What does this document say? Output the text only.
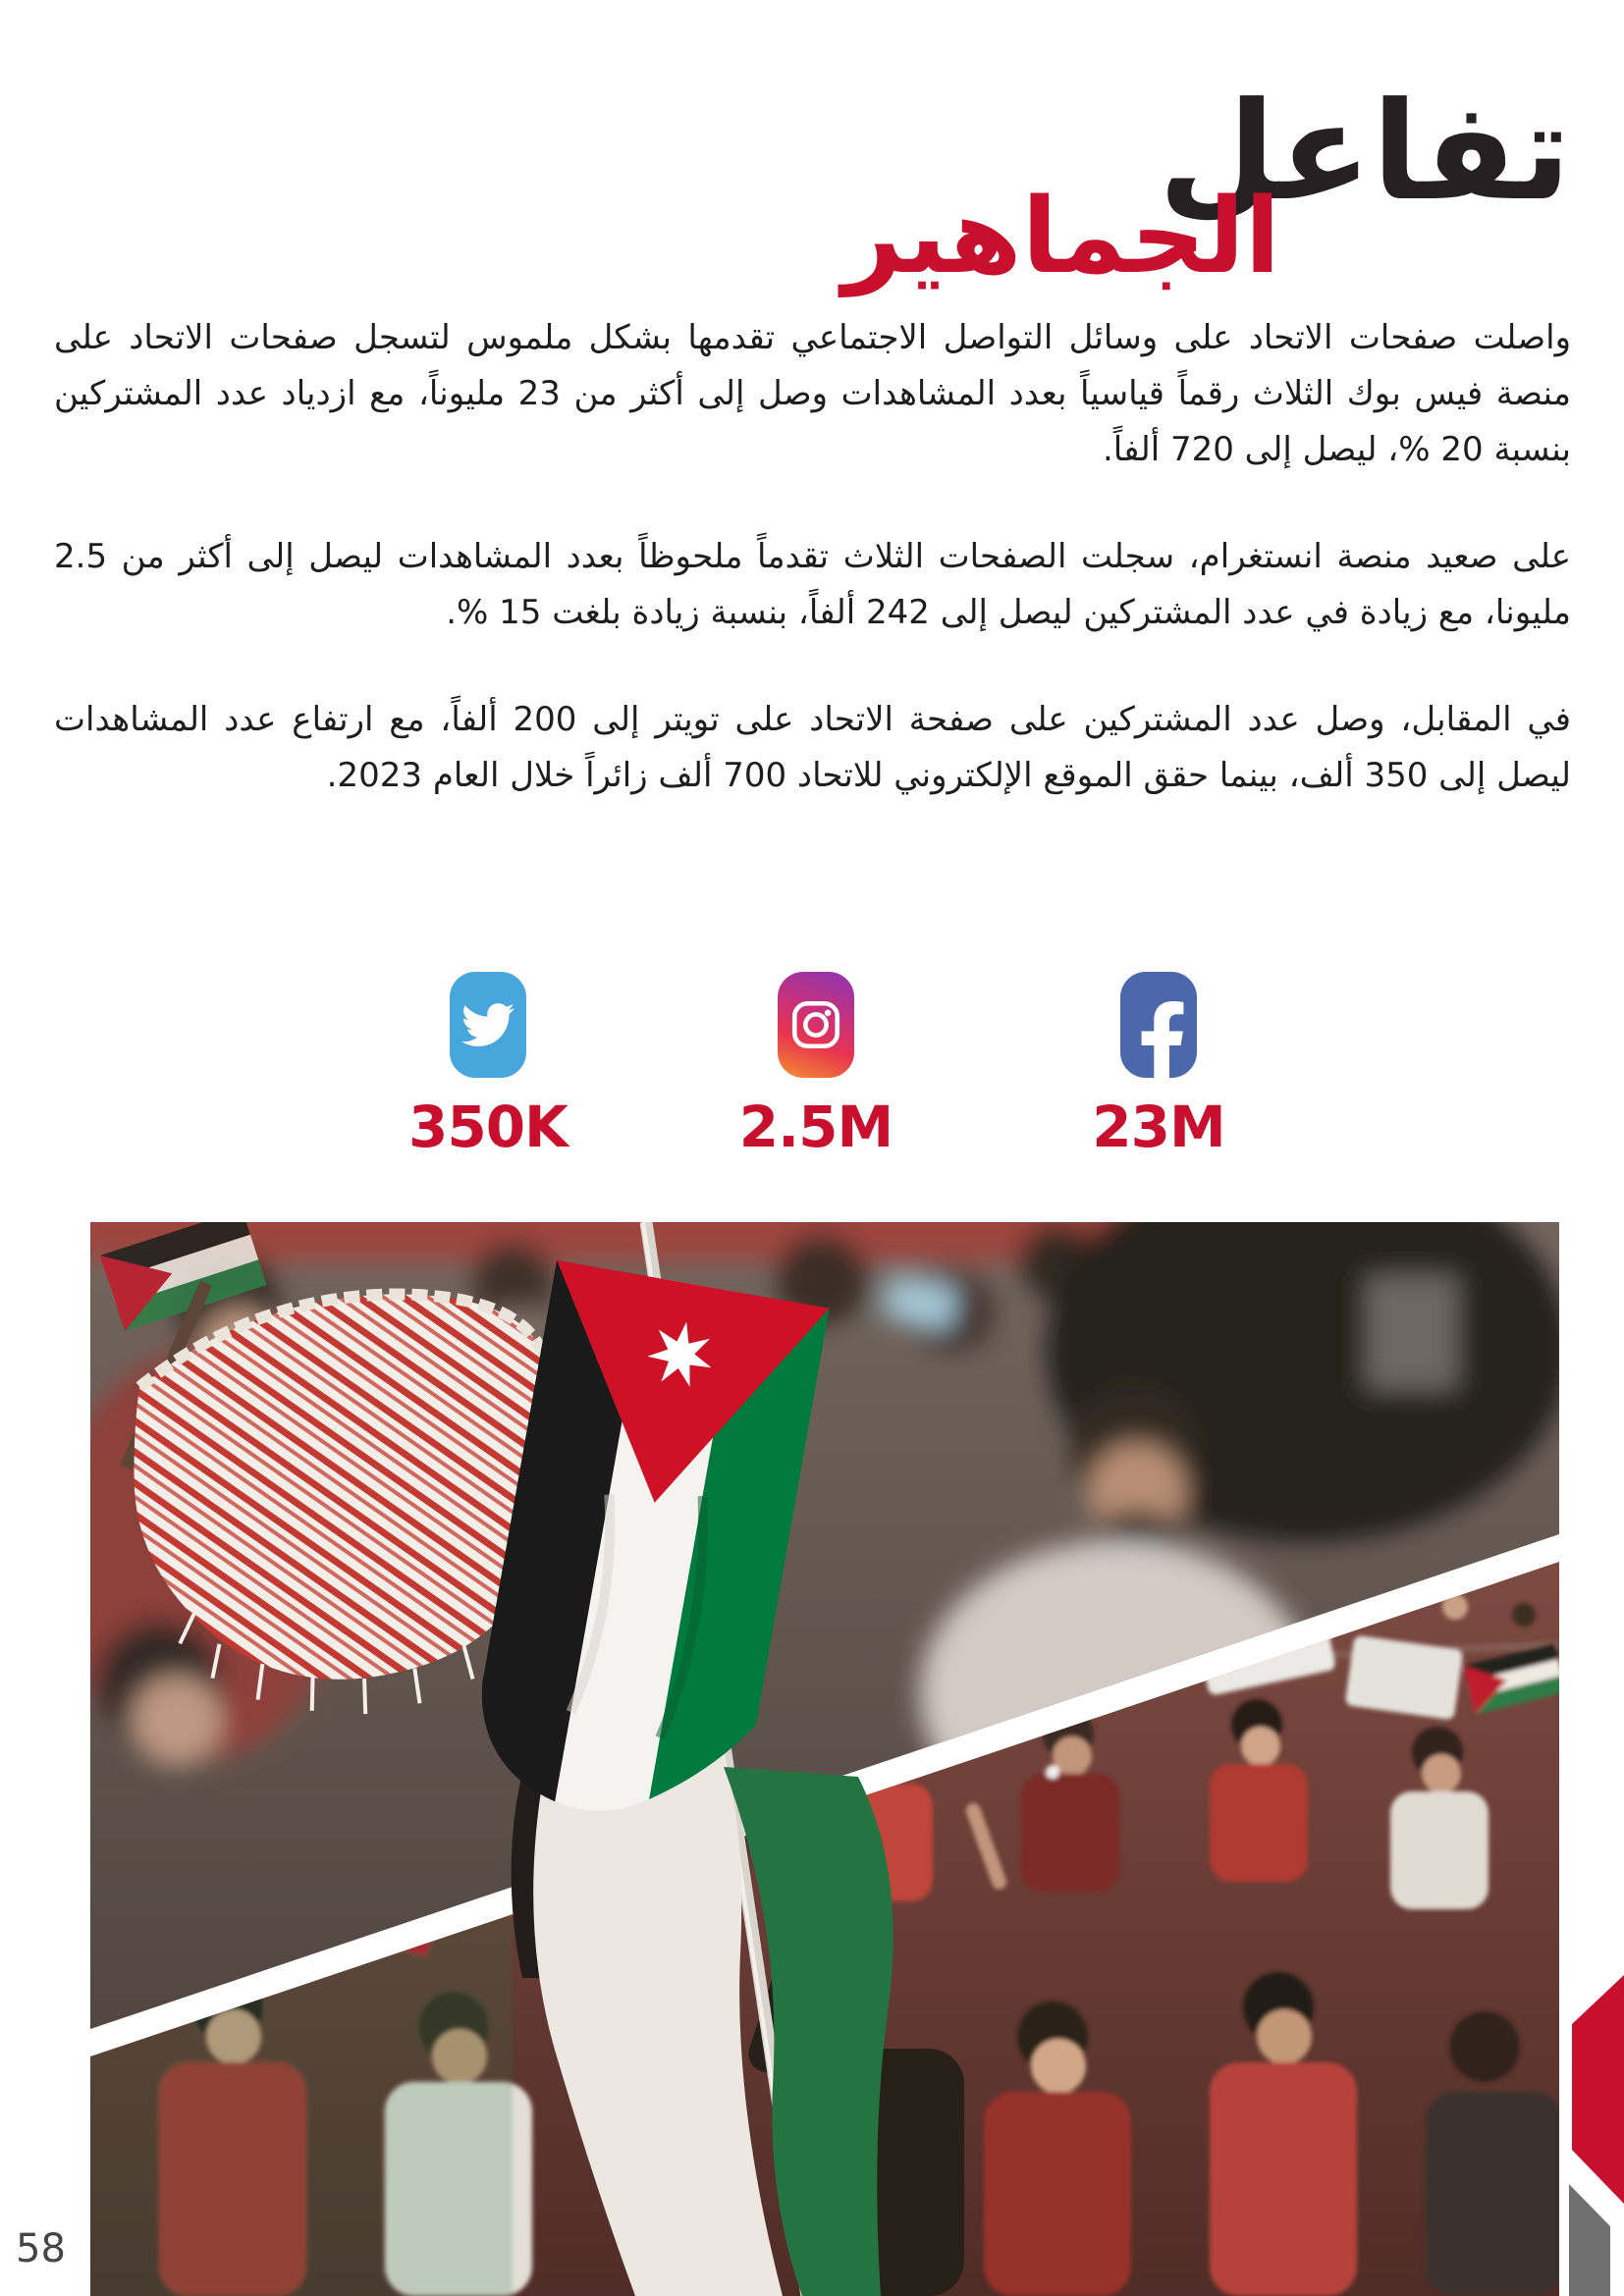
تفاعل
الجماهير

واصلت صفحات الاتحاد على وسائل التواصل الاجتماعي تقدمها بشكل ملموس لتسجل صفحات الاتحاد على منصة فيس بوك الثلاث رقماً قياسياً بعدد المشاهدات وصل إلى أكثر من 23 مليوناً، مع ازدياد عدد المشتركين بنسبة 20 %، ليصل إلى 720 ألفاً.

على صعيد منصة انستغرام، سجلت الصفحات الثلاث تقدماً ملحوظاً بعدد المشاهدات ليصل إلى أكثر من 2.5 مليونا، مع زيادة في عدد المشتركين ليصل إلى 242 ألفاً، بنسبة زيادة بلغت 15 %.

في المقابل، وصل عدد المشتركين على صفحة الاتحاد على تويتر إلى 200 ألفاً، مع ارتفاع عدد المشاهدات ليصل إلى 350 ألف، بينما حقق الموقع الإلكتروني للاتحاد 700 ألف زائراً خلال العام 2023.

350K	2.5M	23M
58
